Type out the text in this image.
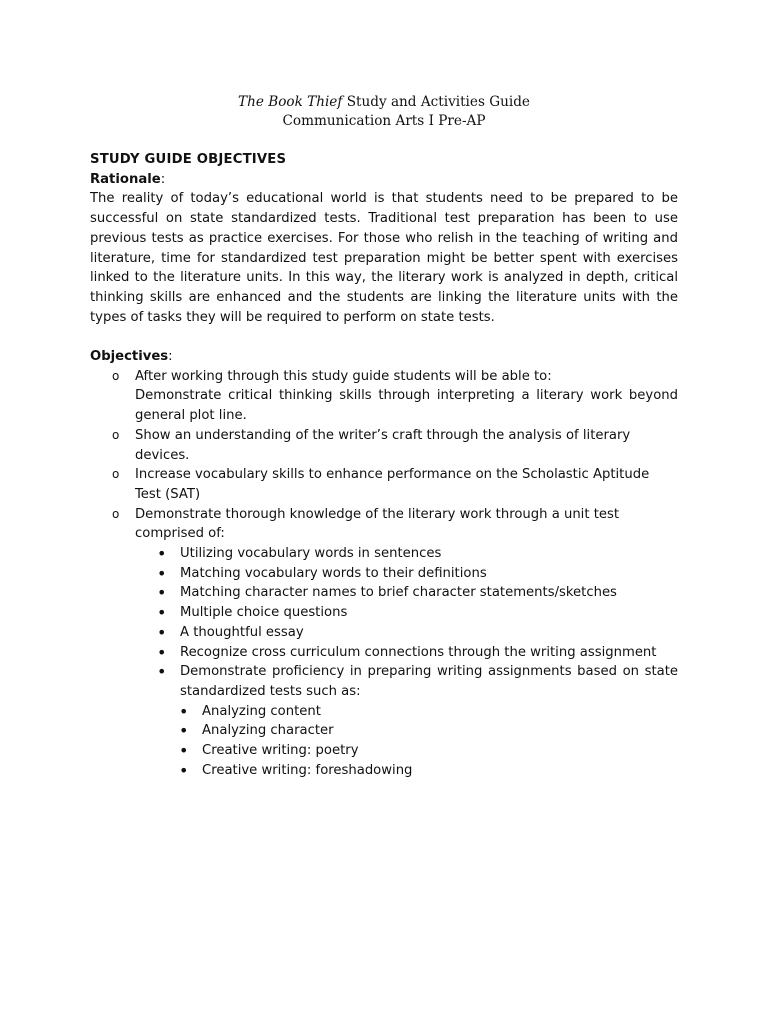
The Book Thief Study and Activities Guide
Communication Arts I Pre-AP
STUDY GUIDE OBJECTIVES
Rationale:

The reality of today’s educational world is that students need to be prepared to be successful on state standardized tests. Traditional test preparation has been to use previous tests as practice exercises. For those who relish in the teaching of writing and literature, time for standardized test preparation might be better spent with exercises linked to the literature units. In this way, the literary work is analyzed in depth, critical thinking skills are enhanced and the students are linking the literature units with the types of tasks they will be required to perform on state tests.

Objectives:
o After working through this study guide students will be able to:
Demonstrate critical thinking skills through interpreting a literary work beyond general plot line.
o Show an understanding of the writer’s craft through the analysis of literary devices.
o Increase vocabulary skills to enhance performance on the Scholastic Aptitude Test (SAT)
o Demonstrate thorough knowledge of the literary work through a unit test comprised of:
• Utilizing vocabulary words in sentences
• Matching vocabulary words to their definitions
• Matching character names to brief character statements/sketches
• Multiple choice questions
• A thoughtful essay
• Recognize cross curriculum connections through the writing assignment
• Demonstrate proficiency in preparing writing assignments based on state standardized tests such as:
• Analyzing content
• Analyzing character
• Creative writing: poetry
• Creative writing: foreshadowing
